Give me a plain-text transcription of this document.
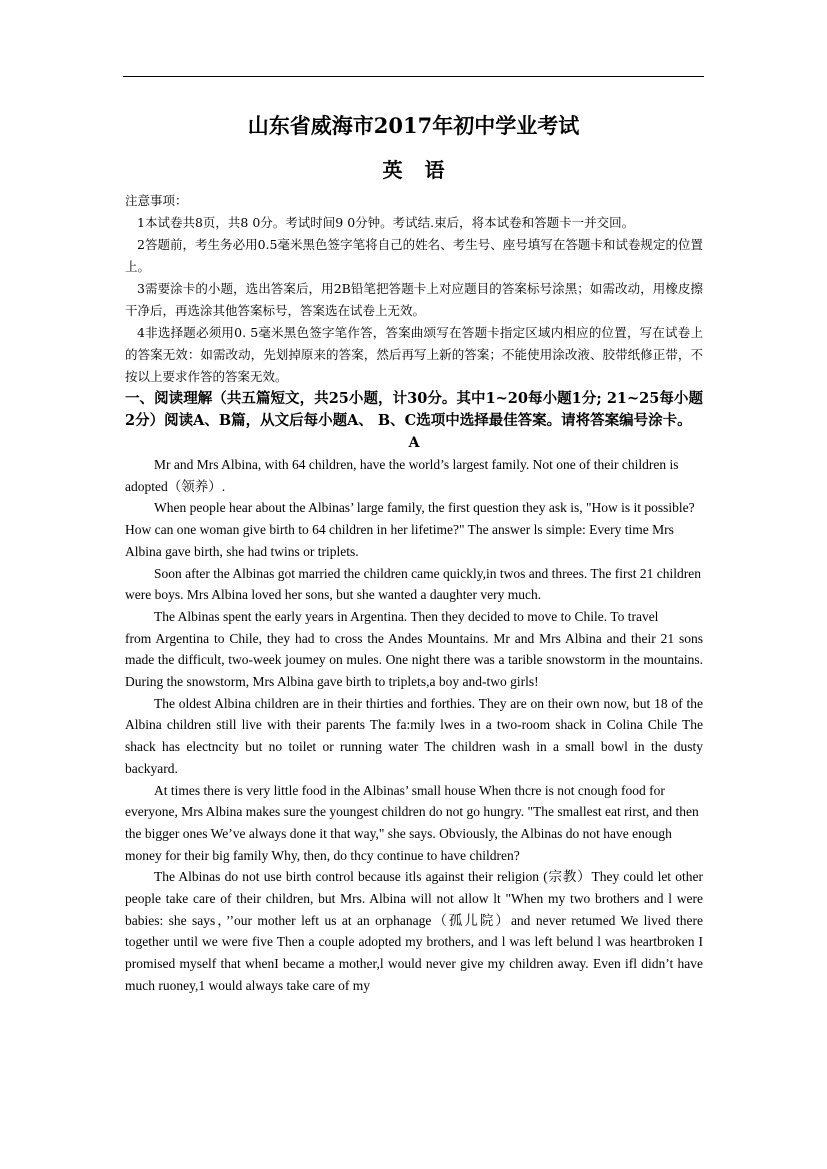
山东省威海市2017年初中学业考试
英语

注意事项：

1本试卷共8页，共8 0分。考试时间9 0分钟。考试结.束后，将本试卷和答题卡一并交回。

2答题前，考生务必用0.5毫米黑色签字笔将自己的姓名、考生号、座号填写在答题卡和试卷规定的位置上。

3需要涂卡的小题，选出答案后，用2B铅笔把答题卡上对应题目的答案标号涂黑；如需改动，用橡皮擦干净后，再选涂其他答案标号，答案选在试卷上无效。

4非选择题必须用0. 5毫米黑色签字笔作答，答案曲颂写在答题卡指定区域内相应的位置，写在试卷上的答案无效：如需改动，先划掉原来的答案，然后再写上新的答案；不能使用涂改液、胶带纸修正带，不按以上要求作答的答案无效。

一、阅读理解（共五篇短文，共25小题，计30分。其中1~20每小题1分; 21~25每小题2分）阅读A、B篇，从文后每小题A、 B、C选项中选择最佳答案。请将答案编号涂卡。

A

Mr and Mrs Albina, with 64 children, have the world’s largest family. Not one of their children is adopted（领养）.

When people hear about the Albinas’ large family, the first question they ask is, "How is it possible? How can one woman give birth to 64 children in her lifetime?" The answer ls simple: Every time Mrs Albina gave birth, she had twins or triplets.

Soon after the Albinas got married the children came quickly,in twos and threes. The first 21 children were boys. Mrs Albina loved her sons, but she wanted a daughter very much.

The Albinas spent the early years in Argentina. Then they decided to move to Chile. To travel

from Argentina to Chile, they had to cross the Andes Mountains. Mr and Mrs Albina and their 21 sons made the difficult, two-week joumey on mules. One night there was a tarible snowstorm in the mountains. During the snowstorm, Mrs Albina gave birth to triplets,a boy and-two girls!

The oldest Albina children are in their thirties and forthies. They are on their own now, but 18 of the Albina children still live with their parents The fa:mily lwes in a two-room shack in Colina Chile The shack has electncity but no toilet or running water The children wash in a small bowl in the dusty backyard.

At times there is very little food in the Albinas’ small house When thcre is not cnough food for everyone, Mrs Albina makes sure the youngest children do not go hungry. "The smallest eat rirst, and then the bigger ones We’ve always done it that way," she says. Obviously, the Albinas do not have enough money for their big family Why, then, do thcy continue to have children?

The Albinas do not use birth control because itls against their religion (宗教）They could let other people take care of their children, but Mrs. Albina will not allow lt "When my two brothers and l were babies: she says，’’our mother left us at an orphanage（孤儿院）and never retumed We lived there together until we were five Then a couple adopted my brothers, and l was left belund l was heartbroken I promised myself that whenI became a mother,l would never give my children away. Even ifl didn’t have much ruoney,1 would always take care of my
